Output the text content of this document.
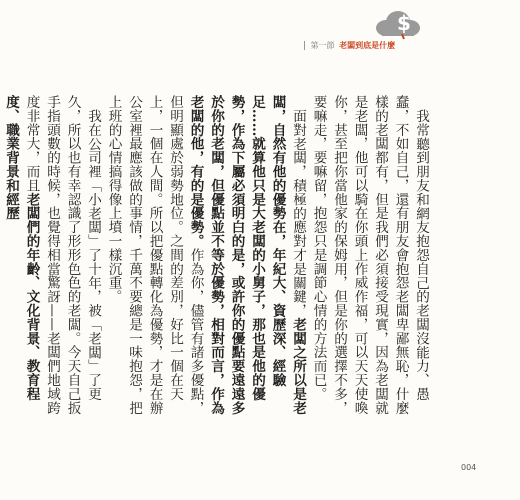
$
第一節 老闆到底是什麼

我常聽到朋友和網友抱怨自己的老闆沒能力、愚蠢，不如自己，還有朋友會抱怨老闆卑鄙無恥，什麼樣的老闆都有，但是我們必須接受現實，因為老闆就是老闆，他可以騎在你頭上作威作福，可以天天使喚你，甚至把你當他家的保姆用，但是你的選擇不多，要嘛走，要嘛留，抱怨只是調節心情的方法而已。

面對老闆，積極的應對才是關鍵，老闆之所以是老闆，自然有他的優勢在，年紀大、資歷深、經驗足……就算他只是大老闆的小舅子，那也是他的優勢，作為下屬必須明白的是，或許你的優點要遠遠多於你的老闆，但優點並不等於優勢，相對而言，作為老闆的他，有的是優勢。作為你，儘管有諸多優點，但明顯處於弱勢地位。之間的差別，好比一個在天上，一個在人間。所以把優點轉化為優勢，才是在辦公室裡最應該做的事情，千萬不要總是一味抱怨，把上班的心情搞得像上墳一樣沉重。

我在公司裡「小老闆」了十年，被「老闆」了更久，所以也有幸認識了形形色色的老闆。今天自己扳手指頭數的時候，也覺得相當驚訝——老闆們地域跨度非常大，而且老闆們的年齡、文化背景、教育程度、職業背景和經歷

004
